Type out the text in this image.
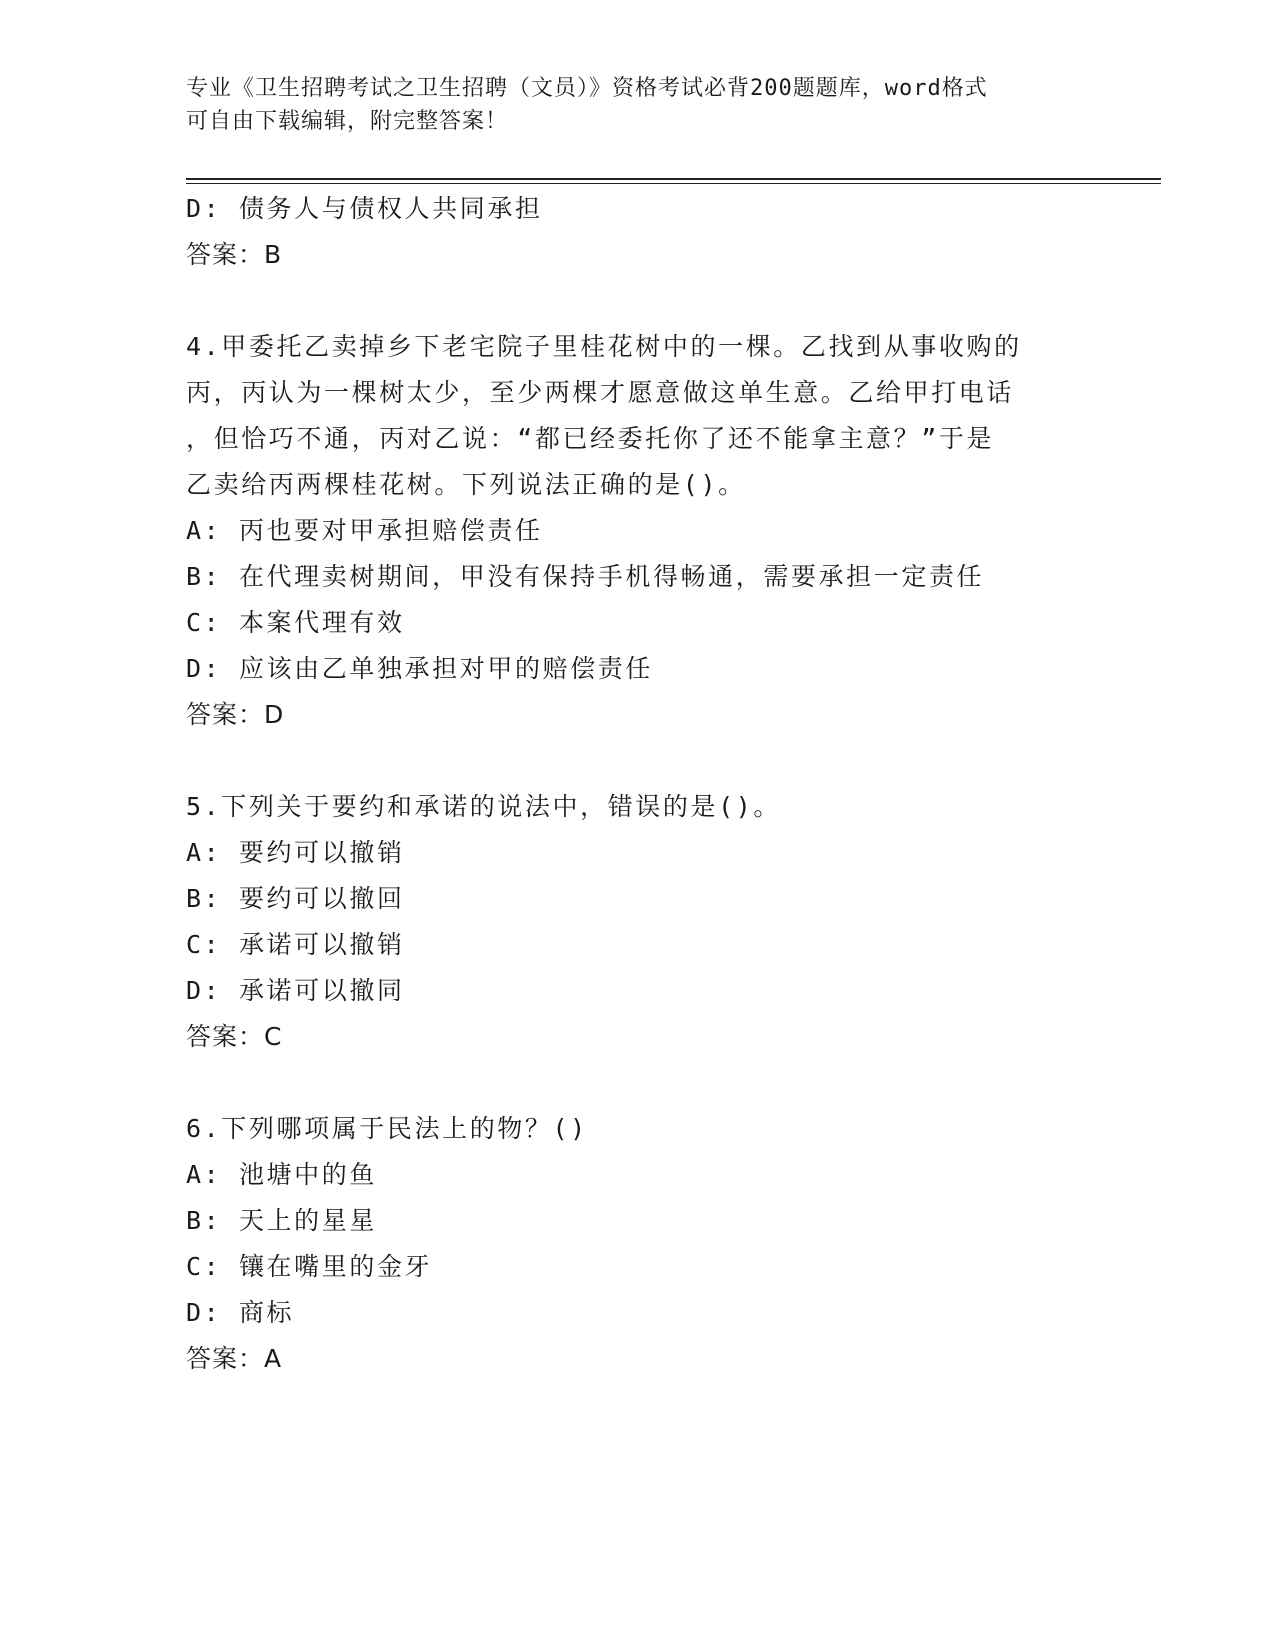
专业《卫生招聘考试之卫生招聘（文员）》资格考试必背200题题库，word格式
可自由下载编辑，附完整答案！
D: 债务人与债权人共同承担
答案：B
4.甲委托乙卖掉乡下老宅院子里桂花树中的一棵。乙找到从事收购的
丙，丙认为一棵树太少，至少两棵才愿意做这单生意。乙给甲打电话
，但恰巧不通，丙对乙说：“都已经委托你了还不能拿主意？”于是
乙卖给丙两棵桂花树。下列说法正确的是()。
A: 丙也要对甲承担赔偿责任
B: 在代理卖树期间，甲没有保持手机得畅通，需要承担一定责任
C: 本案代理有效
D: 应该由乙单独承担对甲的赔偿责任
答案：D
5.下列关于要约和承诺的说法中，错误的是()。
A: 要约可以撤销
B: 要约可以撤回
C: 承诺可以撤销
D: 承诺可以撤同
答案：C
6.下列哪项属于民法上的物？()
A: 池塘中的鱼
B: 天上的星星
C: 镶在嘴里的金牙
D: 商标
答案：A
